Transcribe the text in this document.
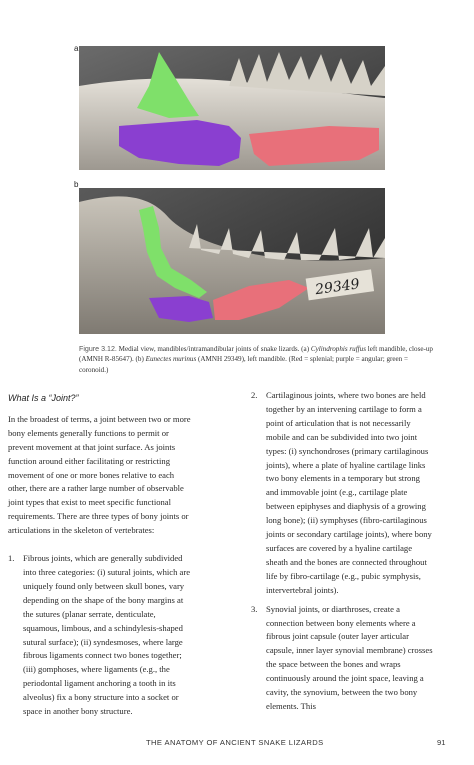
a
b
29349
Figure 3.12. Medial view, mandibles/intramandibular joints of snake lizards. (a) Cylindrophis ruffus left mandible, close-up (AMNH R-85647). (b) Eunectes murinus (AMNH 29349), left mandible. (Red = splenial; purple = angular; green = coronoid.)
What Is a “Joint?”

In the broadest of terms, a joint between two or more bony elements generally functions to permit or prevent movement at that joint surface. As joints function around either facilitating or restricting movement of one or more bones relative to each other, there are a rather large number of observable joint types that exist to meet specific functional requirements. There are three types of bony joints or articulations in the skeleton of vertebrates:

1. Fibrous joints, which are generally subdivided into three categories: (i) sutural joints, which are uniquely found only between skull bones, vary depending on the shape of the bony margins at the sutures (planar serrate, denticulate, squamous, limbous, and a schindylesis-shaped sutural surface); (ii) syndesmoses, where large fibrous ligaments connect two bones together; (iii) gomphoses, where ligaments (e.g., the periodontal ligament anchoring a tooth in its alveolus) fix a bony structure into a socket or space in another bony structure.
2. Cartilaginous joints, where two bones are held together by an intervening cartilage to form a point of articulation that is not necessarily mobile and can be subdivided into two joint types: (i) synchondroses (primary cartilaginous joints), where a plate of hyaline cartilage links two bony elements in a temporary but strong and immovable joint (e.g., cartilage plate between epiphyses and diaphysis of a growing long bone); (ii) symphyses (fibro-cartilaginous joints or secondary cartilage joints), where bony surfaces are covered by a hyaline cartilage sheath and the bones are connected throughout life by fibro-cartilage (e.g., pubic symphysis, intervertebral joints).
3. Synovial joints, or diarthroses, create a connection between bony elements where a fibrous joint capsule (outer layer articular capsule, inner layer synovial membrane) crosses the space between the bones and wraps continuously around the joint space, leaving a cavity, the synovium, between the two bony elements. This
THE ANATOMY OF ANCIENT SNAKE LIZARDS	91
